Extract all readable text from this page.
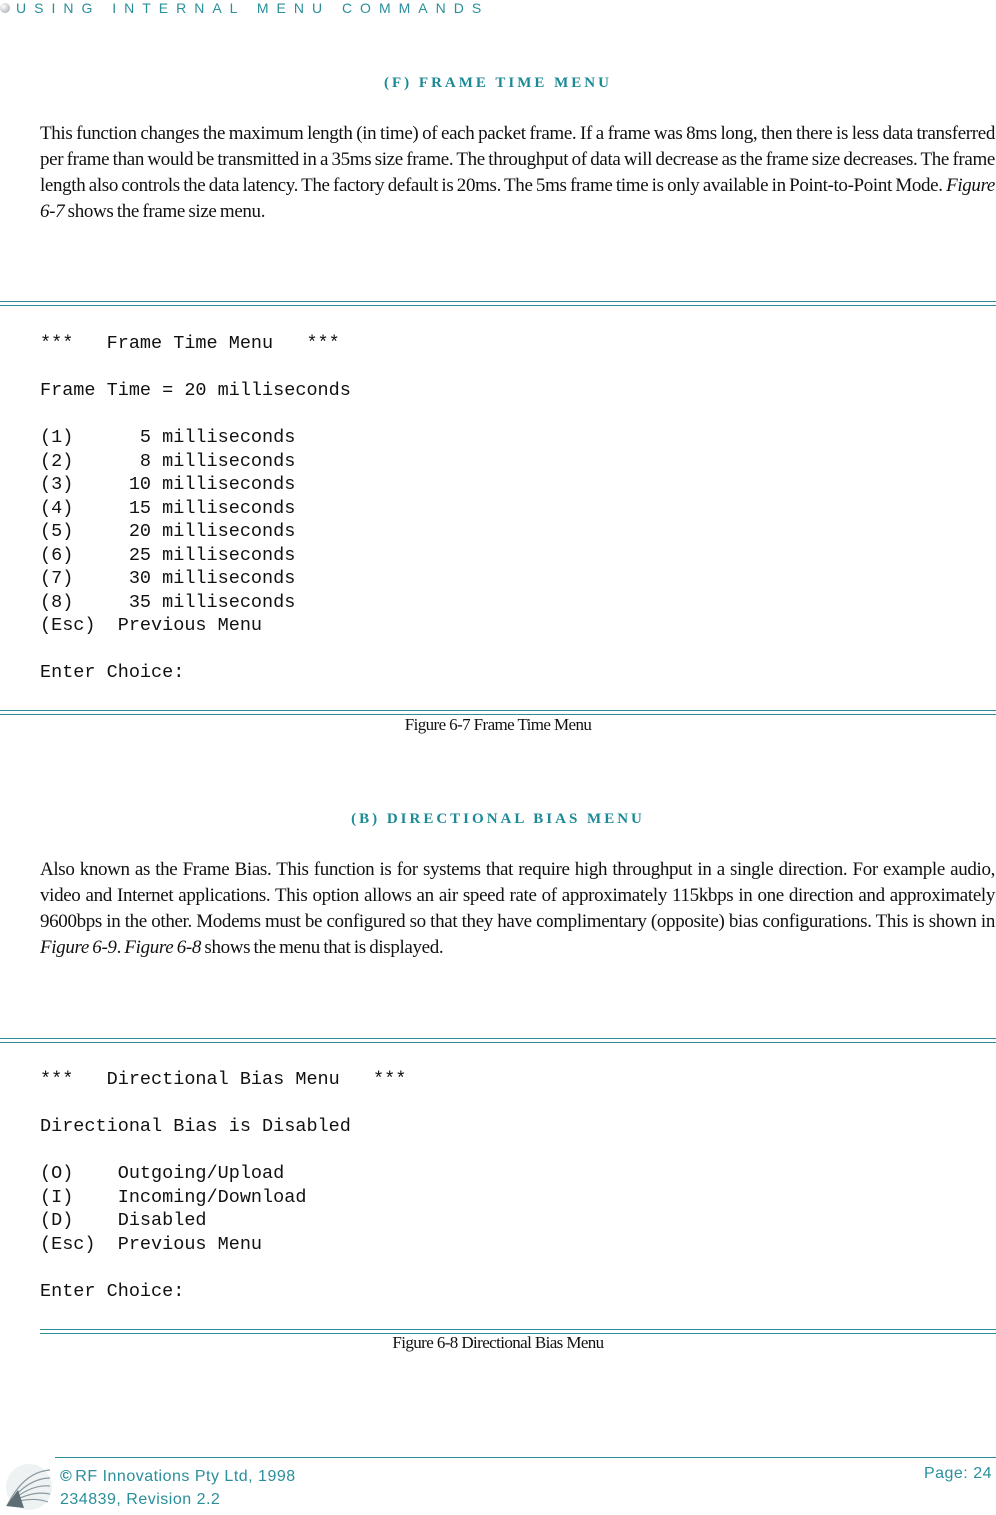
USING INTERNAL MENU COMMANDS
(F) FRAME TIME MENU
This function changes the maximum length (in time) of each packet frame. If a frame was 8ms long, then there is less data transferred per frame than would be transmitted in a 35ms size frame. The throughput of data will decrease as the frame size decreases. The frame length also controls the data latency. The factory default is 20ms. The 5ms frame time is only available in Point-to-Point Mode. Figure 6-7 shows the frame size menu.
***   Frame Time Menu   ***

Frame Time = 20 milliseconds

(1)      5 milliseconds
(2)      8 milliseconds
(3)     10 milliseconds
(4)     15 milliseconds
(5)     20 milliseconds
(6)     25 milliseconds
(7)     30 milliseconds
(8)     35 milliseconds
(Esc)  Previous Menu

Enter Choice:

Figure 6-7 Frame Time Menu
(B) DIRECTIONAL BIAS MENU
Also known as the Frame Bias. This function is for systems that require high throughput in a single direction. For example audio, video and Internet applications. This option allows an air speed rate of approximately 115kbps in one direction and approximately 9600bps in the other. Modems must be configured so that they have complimentary (opposite) bias configurations. This is shown in Figure 6-9. Figure 6-8 shows the menu that is displayed.
***   Directional Bias Menu   ***

Directional Bias is Disabled

(O)    Outgoing/Upload
(I)    Incoming/Download
(D)    Disabled
(Esc)  Previous Menu

Enter Choice:

Figure 6-8 Directional Bias Menu
© RF Innovations Pty Ltd, 1998
234839, Revision 2.2
Page: 24
